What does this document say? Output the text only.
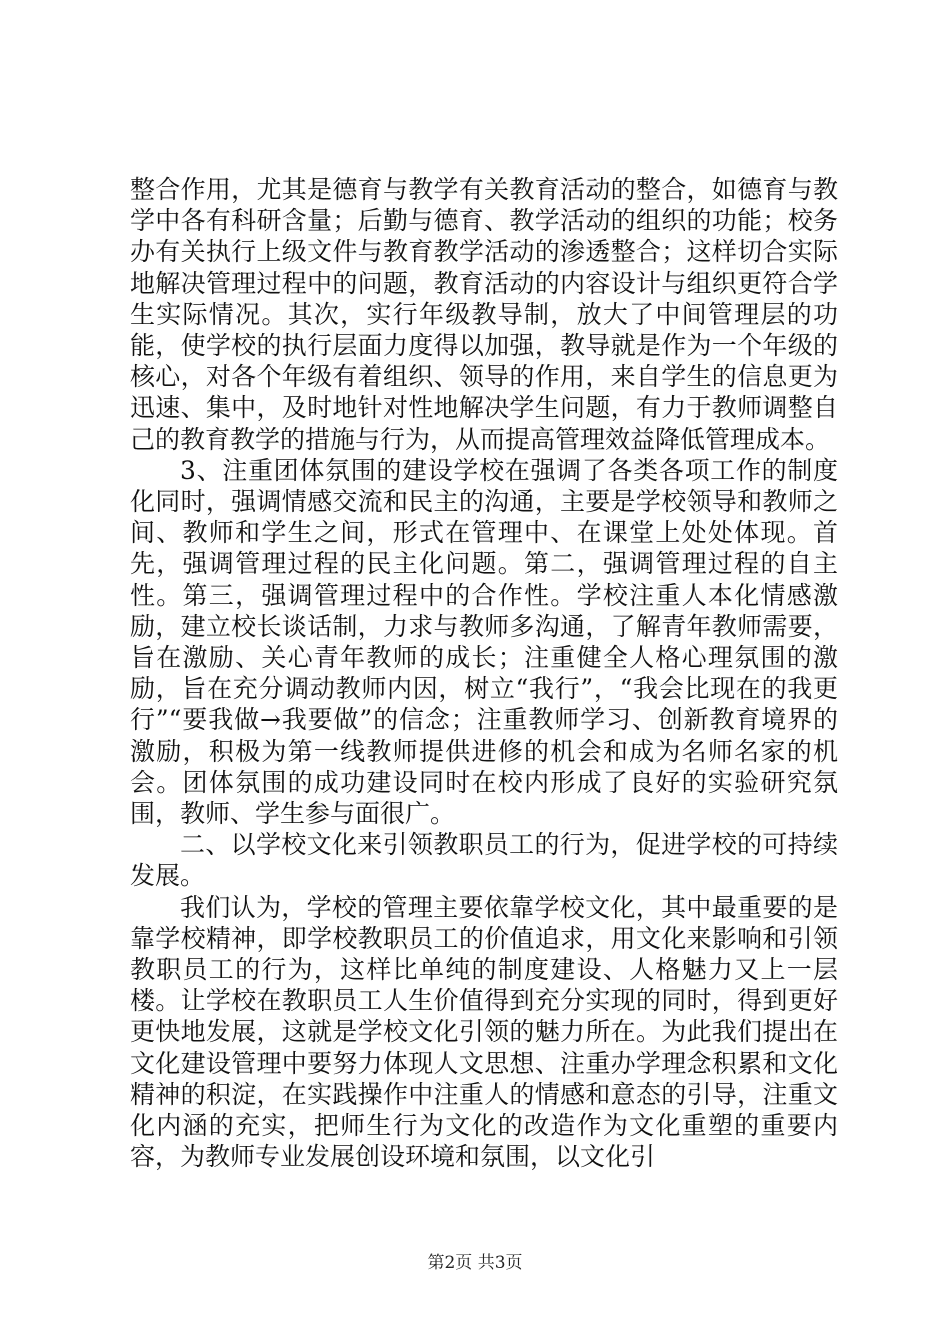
整合作用，尤其是德育与教学有关教育活动的整合，如德育与教学中各有科研含量；后勤与德育、教学活动的组织的功能；校务办有关执行上级文件与教育教学活动的渗透整合；这样切合实际地解决管理过程中的问题，教育活动的内容设计与组织更符合学生实际情况。其次，实行年级教导制，放大了中间管理层的功能，使学校的执行层面力度得以加强，教导就是作为一个年级的核心，对各个年级有着组织、领导的作用，来自学生的信息更为迅速、集中，及时地针对性地解决学生问题，有力于教师调整自己的教育教学的措施与行为，从而提高管理效益降低管理成本。

3、注重团体氛围的建设学校在强调了各类各项工作的制度化同时，强调情感交流和民主的沟通，主要是学校领导和教师之间、教师和学生之间，形式在管理中、在课堂上处处体现。首先，强调管理过程的民主化问题。第二，强调管理过程的自主性。第三，强调管理过程中的合作性。学校注重人本化情感激励，建立校长谈话制，力求与教师多沟通，了解青年教师需要，旨在激励、关心青年教师的成长；注重健全人格心理氛围的激励，旨在充分调动教师内因，树立“我行”，“我会比现在的我更行”“要我做→我要做”的信念；注重教师学习、创新教育境界的激励，积极为第一线教师提供进修的机会和成为名师名家的机会。团体氛围的成功建设同时在校内形成了良好的实验研究氛围，教师、学生参与面很广。

二、以学校文化来引领教职员工的行为，促进学校的可持续发展。

我们认为，学校的管理主要依靠学校文化，其中最重要的是靠学校精神，即学校教职员工的价值追求，用文化来影响和引领教职员工的行为，这样比单纯的制度建设、人格魅力又上一层楼。让学校在教职员工人生价值得到充分实现的同时，得到更好更快地发展，这就是学校文化引领的魅力所在。为此我们提出在文化建设管理中要努力体现人文思想、注重办学理念积累和文化精神的积淀，在实践操作中注重人的情感和意态的引导，注重文化内涵的充实，把师生行为文化的改造作为文化重塑的重要内容，为教师专业发展创设环境和氛围，以文化引

第2页 共3页
